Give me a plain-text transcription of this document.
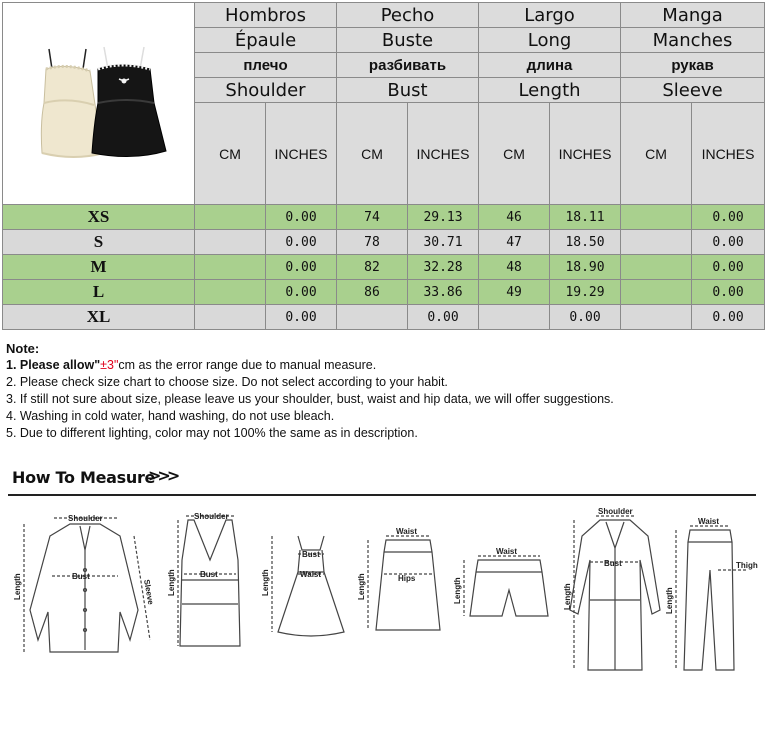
	Hombros		Pecho		Largo		Manga	
	Épaule		Buste		Long		Manches	
	плечо		разбивать		длина		рукав	
	Shoulder		Bust		Length		Sleeve	
	CM	INCHES	CM	INCHES	CM	INCHES	CM	INCHES
XS		0.00	74	29.13	46	18.11		0.00
S		0.00	78	30.71	47	18.50		0.00
M		0.00	82	32.28	48	18.90		0.00
L		0.00	86	33.86	49	19.29		0.00
XL		0.00		0.00		0.00		0.00
Note:
1. Please allow"±3"cm as the error range due to manual measure.
2. Please check size chart to choose size. Do not select according to your habit.
3. If still not sure about size, please leave us your shoulder, bust, waist and hip data, we will offer suggestions.
4. Washing in cold water, hand washing, do not use bleach.
5. Due to different lighting, color may not 100% the same as in description.
How To Measure
>>>
Shoulder
Bust
Length	Sleeve
Shoulder
Bust
Length
Bust
Waist
Length
Waist
Hips
Length
Waist
Length
Shoulder
Bust
Length
Waist
Thigh
Length
